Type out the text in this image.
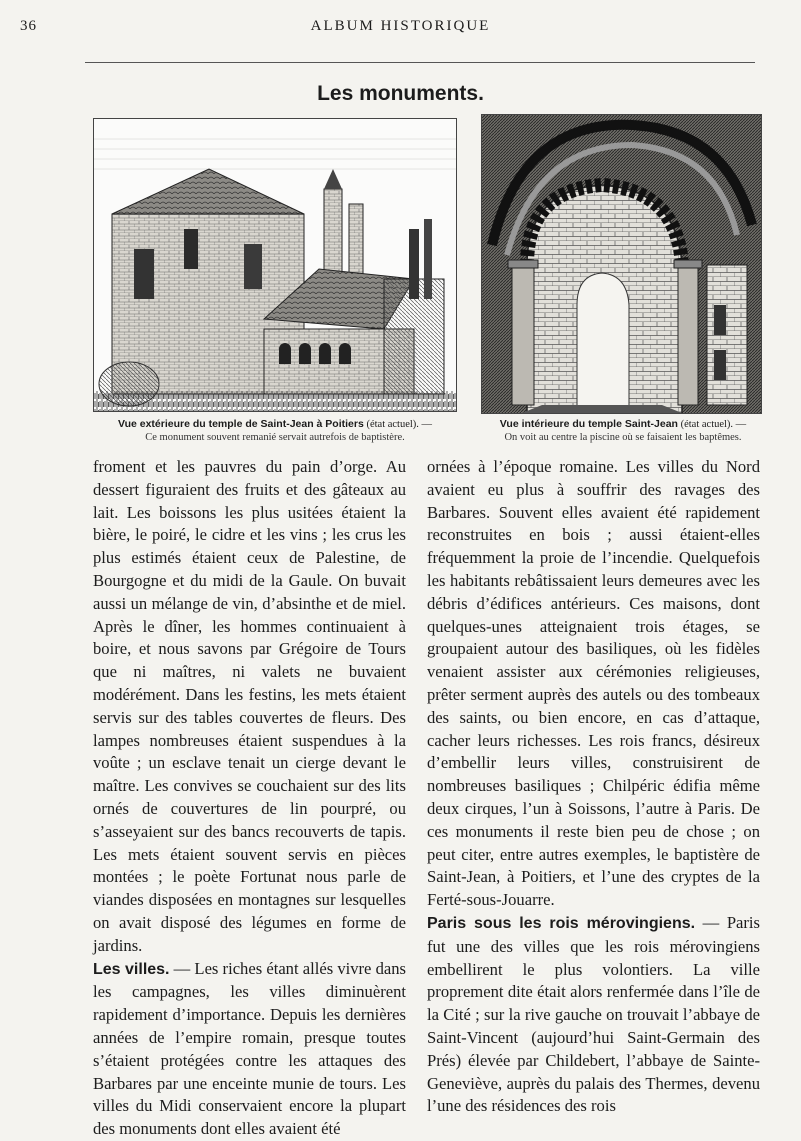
36	ALBUM HISTORIQUE
Les monuments.
Vue extérieure du temple de Saint-Jean à Poitiers (état actuel). —
Ce monument souvent remanié servait autrefois de baptistère.
Vue intérieure du temple Saint-Jean (état actuel). —
On voit au centre la piscine où se faisaient les baptêmes.

froment et les pauvres du pain d’orge. Au dessert figuraient des fruits et des gâteaux au lait. Les boissons les plus usitées étaient la bière, le poiré, le cidre et les vins ; les crus les plus estimés étaient ceux de Palestine, de Bourgogne et du midi de la Gaule. On buvait aussi un mélange de vin, d’absinthe et de miel. Après le dîner, les hommes continuaient à boire, et nous savons par Grégoire de Tours que ni maîtres, ni valets ne buvaient modérément. Dans les festins, les mets étaient servis sur des tables couvertes de fleurs. Des lampes nombreuses étaient suspendues à la voûte ; un esclave tenait un cierge devant le maître. Les convives se couchaient sur des lits ornés de couvertures de lin pourpré, ou s’asseyaient sur des bancs recouverts de tapis. Les mets étaient souvent servis en pièces montées ; le poète Fortunat nous parle de viandes disposées en montagnes sur lesquelles on avait disposé des légumes en forme de jardins.

Les villes. — Les riches étant allés vivre dans les campagnes, les villes diminuèrent rapidement d’importance. Depuis les dernières années de l’empire romain, presque toutes s’étaient protégées contre les attaques des Barbares par une enceinte munie de tours. Les villes du Midi conservaient encore la plupart des monuments dont elles avaient été

ornées à l’époque romaine. Les villes du Nord avaient eu plus à souffrir des ravages des Barbares. Souvent elles avaient été rapidement reconstruites en bois ; aussi étaient-elles fréquemment la proie de l’incendie. Quelquefois les habitants rebâtissaient leurs demeures avec les débris d’édifices antérieurs. Ces maisons, dont quelques-unes atteignaient trois étages, se groupaient autour des basiliques, où les fidèles venaient assister aux cérémonies religieuses, prêter serment auprès des autels ou des tombeaux des saints, ou bien encore, en cas d’attaque, cacher leurs richesses. Les rois francs, désireux d’embellir leurs villes, construisirent de nombreuses basiliques ; Chilpéric édifia même deux cirques, l’un à Soissons, l’autre à Paris. De ces monuments il reste bien peu de chose ; on peut citer, entre autres exemples, le baptistère de Saint-Jean, à Poitiers, et l’une des cryptes de la Ferté-sous-Jouarre.

Paris sous les rois mérovingiens. — Paris fut une des villes que les rois mérovingiens embellirent le plus volontiers. La ville proprement dite était alors renfermée dans l’île de la Cité ; sur la rive gauche on trouvait l’abbaye de Saint-Vincent (aujourd’hui Saint-Germain des Prés) élevée par Childebert, l’abbaye de Sainte-Geneviève, auprès du palais des Thermes, devenu l’une des résidences des rois
